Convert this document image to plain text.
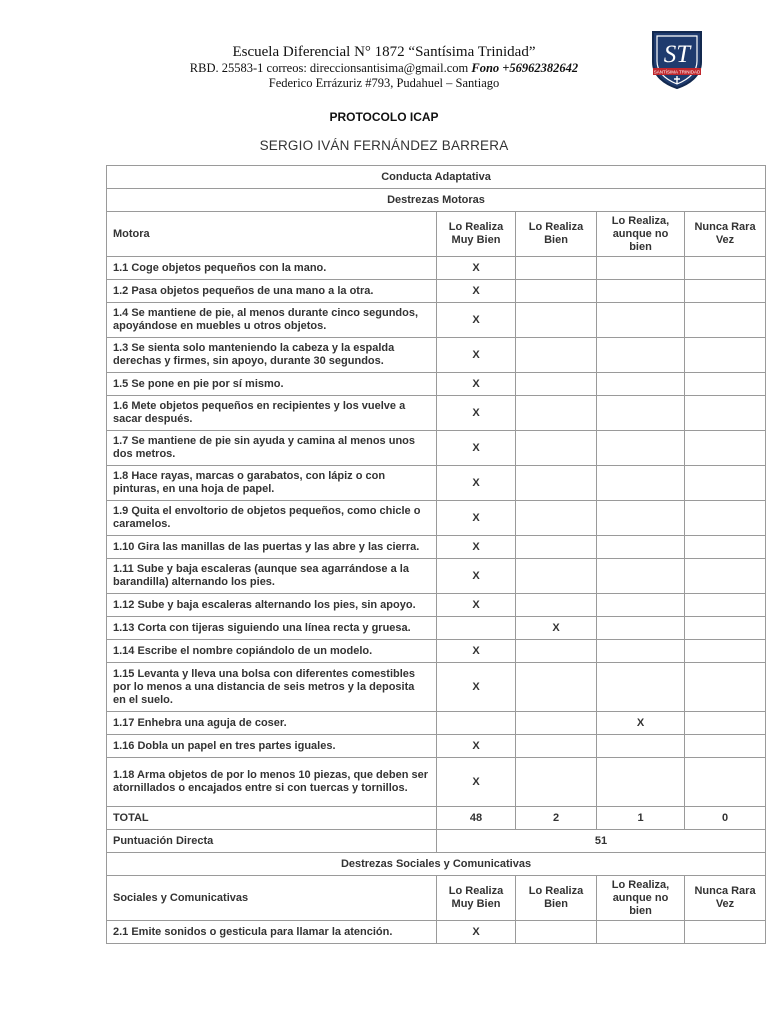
Escuela Diferencial N° 1872 “Santísima Trinidad”
RBD. 25583-1 correos: direccionsantisima@gmail.com Fono +56962382642
Federico Errázuriz #793, Pudahuel – Santiago
ST
SANTÍSIMA TRINIDAD
PROTOCOLO ICAP
SERGIO IVÁN FERNÁNDEZ BARRERA
Conducta Adaptativa				
Destrezas Motoras				
Motora	Lo Realiza Muy Bien	Lo Realiza Bien	Lo Realiza, aunque no bien	Nunca Rara Vez
1.1 Coge objetos pequeños con la mano.	X			
1.2 Pasa objetos pequeños de una mano a la otra.	X			
1.4 Se mantiene de pie, al menos durante cinco segundos, apoyándose en muebles u otros objetos.	X			
1.3 Se sienta solo manteniendo la cabeza y la espalda derechas y firmes, sin apoyo, durante 30 segundos.	X			
1.5 Se pone en pie por sí mismo.	X			
1.6 Mete objetos pequeños en recipientes y los vuelve a sacar después.	X			
1.7 Se mantiene de pie sin ayuda y camina al menos unos dos metros.	X			
1.8 Hace rayas, marcas o garabatos, con lápiz o con pinturas, en una hoja de papel.	X			
1.9 Quita el envoltorio de objetos pequeños, como chicle o caramelos.	X			
1.10 Gira las manillas de las puertas y las abre y las cierra.	X			
1.11 Sube y baja escaleras (aunque sea agarrándose a la barandilla) alternando los pies.	X			
1.12 Sube y baja escaleras alternando los pies, sin apoyo.	X			
1.13 Corta con tijeras siguiendo una línea recta y gruesa.		X		
1.14 Escribe el nombre copiándolo de un modelo.	X			
1.15 Levanta y lleva una bolsa con diferentes comestibles por lo menos a una distancia de seis metros y la deposita en el suelo.	X			
1.17 Enhebra una aguja de coser.			X	
1.16 Dobla un papel en tres partes iguales.	X			
1.18 Arma objetos de por lo menos 10 piezas, que deben ser atornillados o encajados entre si con tuercas y tornillos.	X			
TOTAL	48	2	1	0
Puntuación Directa	51			
Destrezas Sociales y Comunicativas				
Sociales y Comunicativas	Lo Realiza Muy Bien	Lo Realiza Bien	Lo Realiza, aunque no bien	Nunca Rara Vez
2.1 Emite sonidos o gesticula para llamar la atención.	X			
